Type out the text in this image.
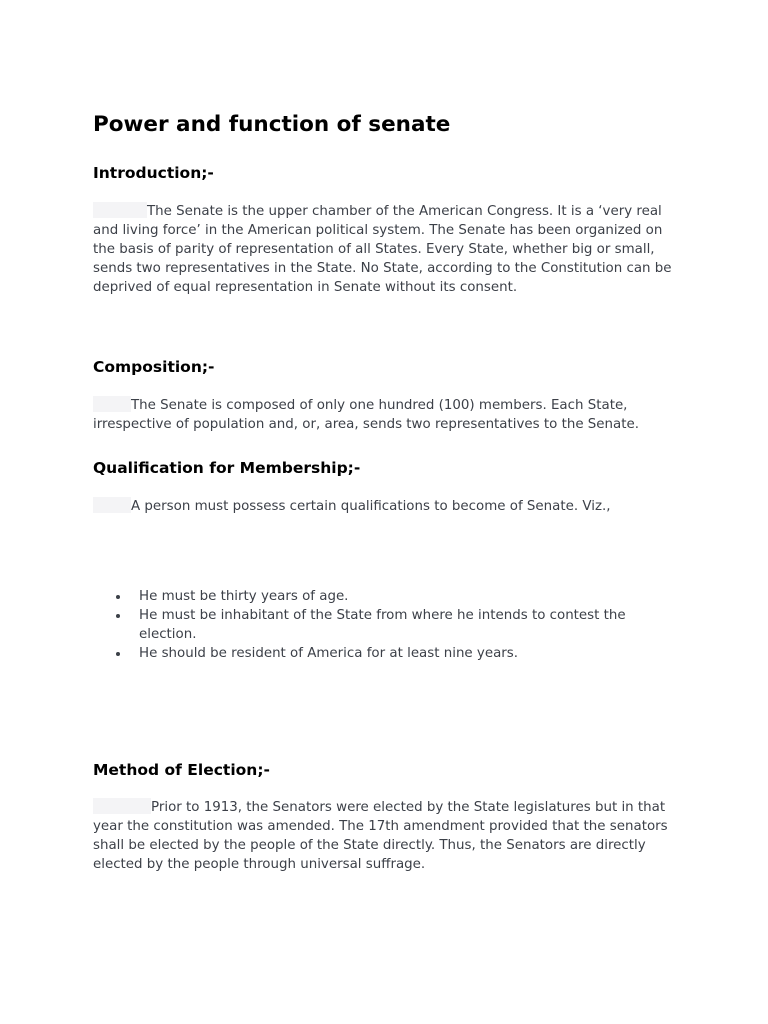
Power and function of senate
Introduction;-

The Senate is the upper chamber of the American Congress. It is a ‘very real and living force’ in the American political system. The Senate has been organized on the basis of parity of representation of all States. Every State, whether big or small, sends two representatives in the State. No State, according to the Constitution can be deprived of equal representation in Senate without its consent.

Composition;-

The Senate is composed of only one hundred (100) members. Each State, irrespective of population and, or, area, sends two representatives to the Senate.

Qualification for Membership;-

A person must possess certain qualifications to become of Senate. Viz.,

He must be thirty years of age.
He must be inhabitant of the State from where he intends to contest the election.
He should be resident of America for at least nine years.
Method of Election;-

Prior to 1913, the Senators were elected by the State legislatures but in that year the constitution was amended. The 17th amendment provided that the senators shall be elected by the people of the State directly. Thus, the Senators are directly elected by the people through universal suffrage.
